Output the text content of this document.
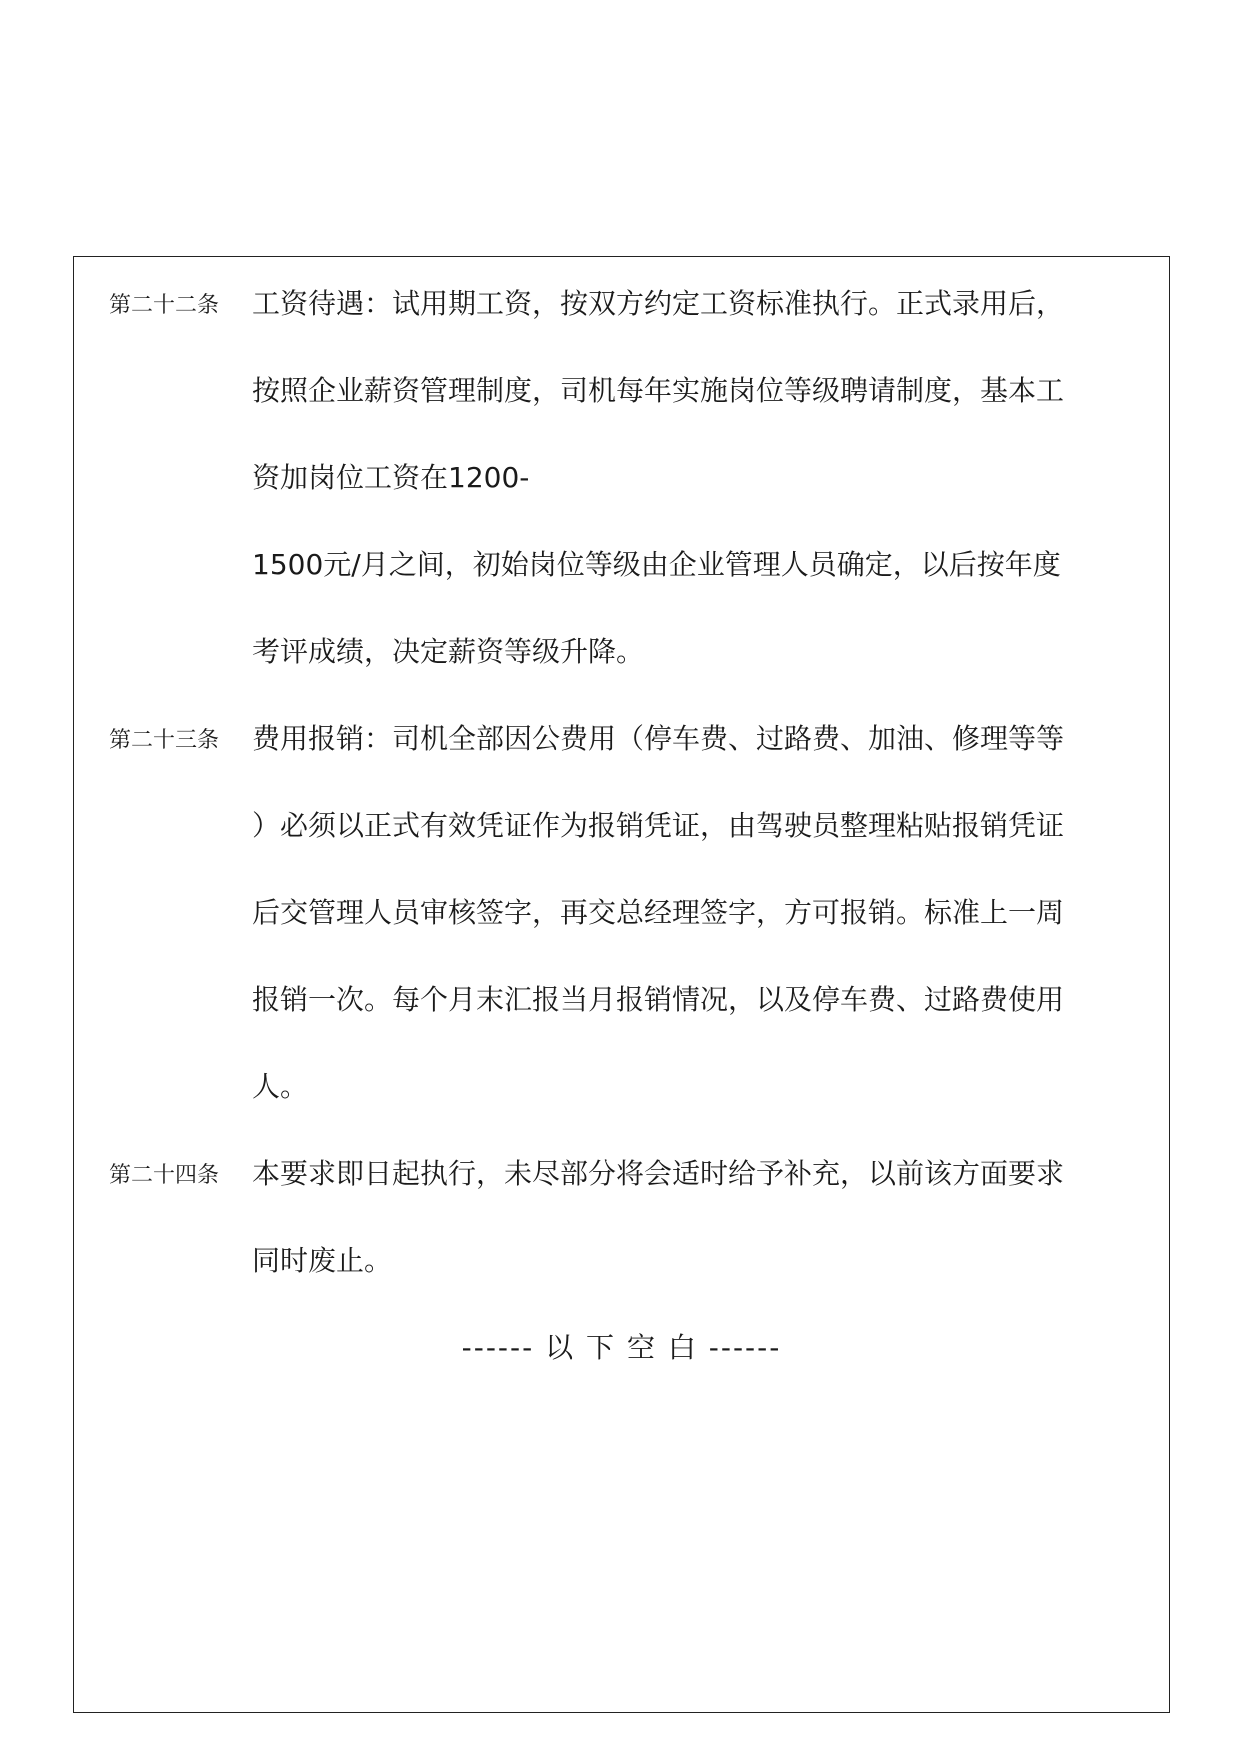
第二十二条	工资待遇：试用期工资，按双方约定工资标准执行。正式录用后，
按照企业薪资管理制度，司机每年实施岗位等级聘请制度，基本工
资加岗位工资在1200-
1500元/月之间，初始岗位等级由企业管理人员确定，以后按年度
考评成绩，决定薪资等级升降。
第二十三条	费用报销：司机全部因公费用（停车费、过路费、加油、修理等等
）必须以正式有效凭证作为报销凭证，由驾驶员整理粘贴报销凭证
后交管理人员审核签字，再交总经理签字，方可报销。标准上一周
报销一次。每个月末汇报当月报销情况，以及停车费、过路费使用
人。
第二十四条	本要求即日起执行，未尽部分将会适时给予补充，以前该方面要求
同时废止。
------ 以 下 空 白 ------
